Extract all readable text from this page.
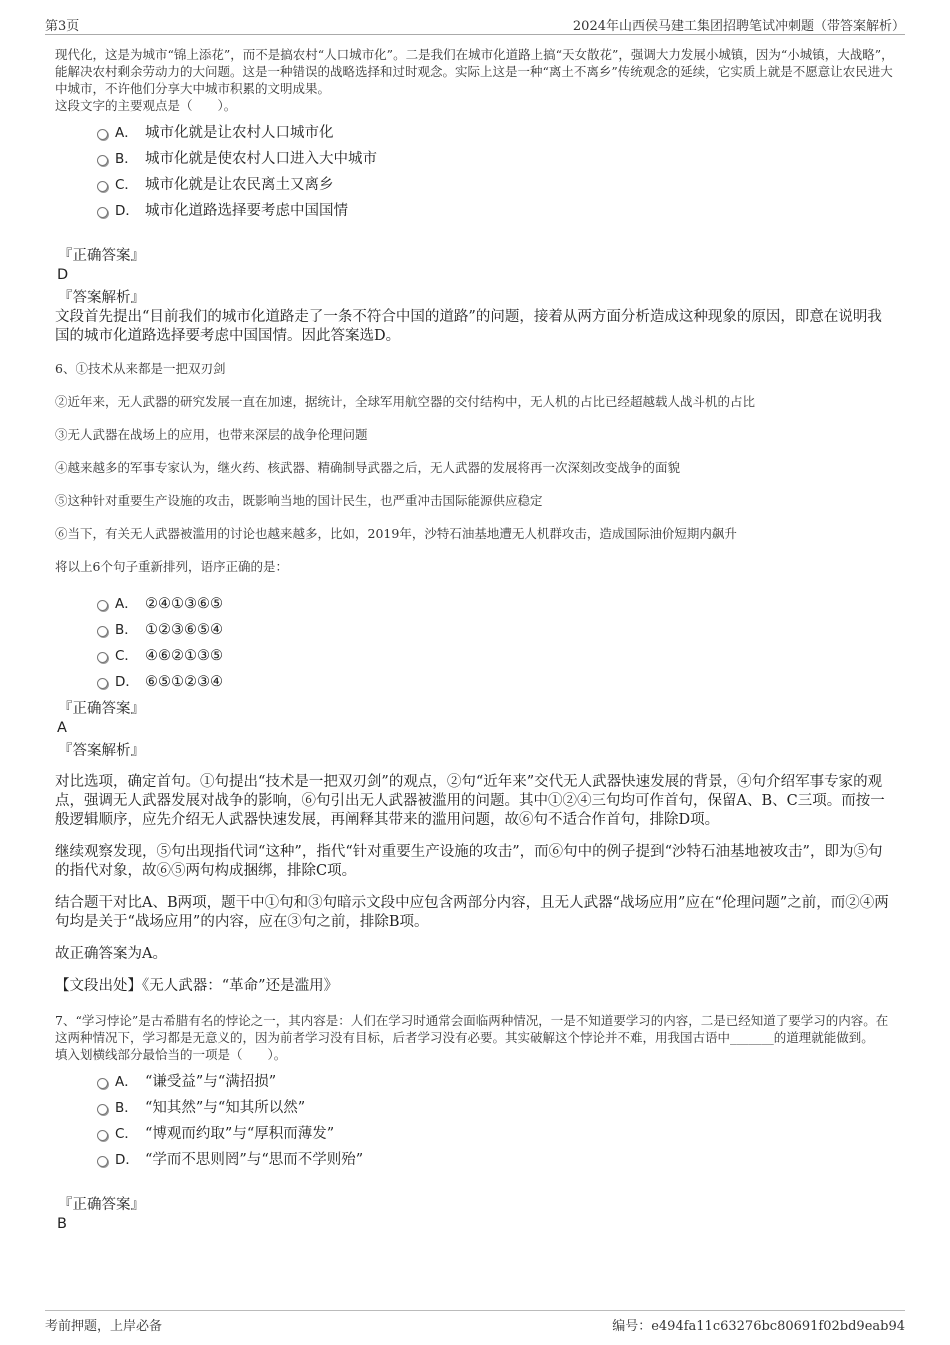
第3页	2024年山西侯马建工集团招聘笔试冲刺题（带答案解析）
现代化，这是为城市“锦上添花”，而不是搞农村“人口城市化”。二是我们在城市化道路上搞“天女散花”，强调大力发展小城镇，因为“小城镇，大战略”，能解决农村剩余劳动力的大问题。这是一种错误的战略选择和过时观念。实际上这是一种“离土不离乡”传统观念的延续，它实质上就是不愿意让农民进大中城市，不许他们分享大中城市积累的文明成果。
这段文字的主要观点是（　　）。
A． 城市化就是让农村人口城市化
B． 城市化就是使农村人口进入大中城市
C． 城市化就是让农民离土又离乡
D． 城市化道路选择要考虑中国国情
『正确答案』
D
『答案解析』
文段首先提出“目前我们的城市化道路走了一条不符合中国的道路”的问题，接着从两方面分析造成这种现象的原因，即意在说明我国的城市化道路选择要考虑中国国情。因此答案选D。
6、①技术从来都是一把双刃剑
②近年来，无人武器的研究发展一直在加速，据统计，全球军用航空器的交付结构中，无人机的占比已经超越载人战斗机的占比
③无人武器在战场上的应用，也带来深层的战争伦理问题
④越来越多的军事专家认为，继火药、核武器、精确制导武器之后，无人武器的发展将再一次深刻改变战争的面貌
⑤这种针对重要生产设施的攻击，既影响当地的国计民生，也严重冲击国际能源供应稳定
⑥当下，有关无人武器被滥用的讨论也越来越多，比如，2019年，沙特石油基地遭无人机群攻击，造成国际油价短期内飙升
将以上6个句子重新排列，语序正确的是：
A． ②④①③⑥⑤
B． ①②③⑥⑤④
C． ④⑥②①③⑤
D． ⑥⑤①②③④
『正确答案』
A
『答案解析』
对比选项，确定首句。①句提出“技术是一把双刃剑”的观点，②句“近年来”交代无人武器快速发展的背景，④句介绍军事专家的观点，强调无人武器发展对战争的影响，⑥句引出无人武器被滥用的问题。其中①②④三句均可作首句，保留A、B、C三项。而按一般逻辑顺序，应先介绍无人武器快速发展，再阐释其带来的滥用问题，故⑥句不适合作首句，排除D项。
继续观察发现，⑤句出现指代词“这种”，指代“针对重要生产设施的攻击”，而⑥句中的例子提到“沙特石油基地被攻击”，即为⑤句的指代对象，故⑥⑤两句构成捆绑，排除C项。
结合题干对比A、B两项，题干中①句和③句暗示文段中应包含两部分内容，且无人武器“战场应用”应在“伦理问题”之前，而②④两句均是关于“战场应用”的内容，应在③句之前，排除B项。
故正确答案为A。
【文段出处】《无人武器：“革命”还是滥用》
7、“学习悖论”是古希腊有名的悖论之一，其内容是：人们在学习时通常会面临两种情况，一是不知道要学习的内容，二是已经知道了要学习的内容。在这两种情况下，学习都是无意义的，因为前者学习没有目标，后者学习没有必要。其实破解这个悖论并不难，用我国古语中_______的道理就能做到。
填入划横线部分最恰当的一项是（　　）。
A． “谦受益”与“满招损”
B． “知其然”与“知其所以然”
C． “博观而约取”与“厚积而薄发”
D． “学而不思则罔”与“思而不学则殆”
『正确答案』
B
考前押题，上岸必备	编号：e494fa11c63276bc80691f02bd9eab94
